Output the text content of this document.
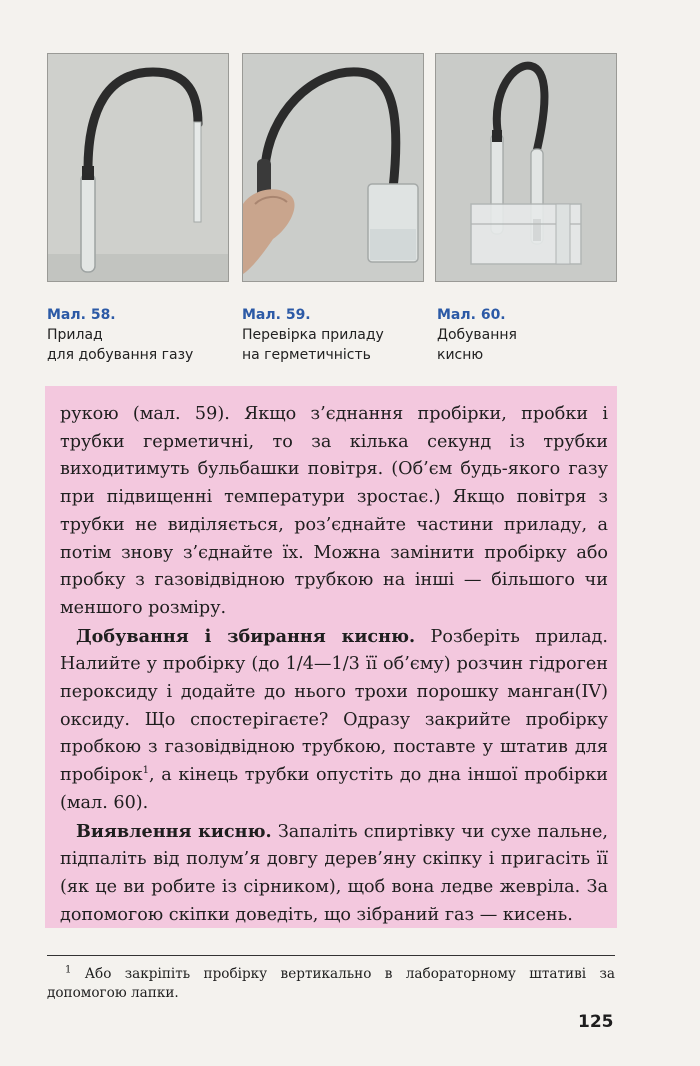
Мал. 58.
Прилад
для добування газу
Мал. 59.
Перевірка приладу
на герметичність
Мал. 60.
Добування
кисню

рукою (мал. 59). Якщо з’єднання пробірки, пробки і трубки герметичні, то за кілька секунд із трубки виходитимуть бульбашки повітря. (Об’єм будь-якого газу при підвищенні температури зростає.) Якщо повітря з трубки не виділяється, роз’єднайте частини приладу, а потім знову з’єднайте їх. Можна замінити пробірку або пробку з газовідвідною трубкою на інші — більшого чи меншого розміру.

Добування і збирання кисню. Розберіть прилад. Налийте у пробірку (до 1/4—1/3 її об’єму) розчин гідроген пероксиду і додайте до нього трохи порошку манган(IV) оксиду. Що спостерігаєте? Одразу закрийте пробірку пробкою з газовідвідною трубкою, поставте у штатив для пробірок$^1$, а кінець трубки опустіть до дна іншої пробірки (мал. 60).

Виявлення кисню. Запаліть спиртівку чи сухе пальне, підпаліть від полум’я довгу дерев’яну скіпку і пригасіть її (як це ви робите із сірником), щоб вона ледве жевріла. За допомогою скіпки доведіть, що зібраний газ — кисень.

$^1$ Або закріпіть пробірку вертикально в лабораторному штативі за допомогою лапки.
125
